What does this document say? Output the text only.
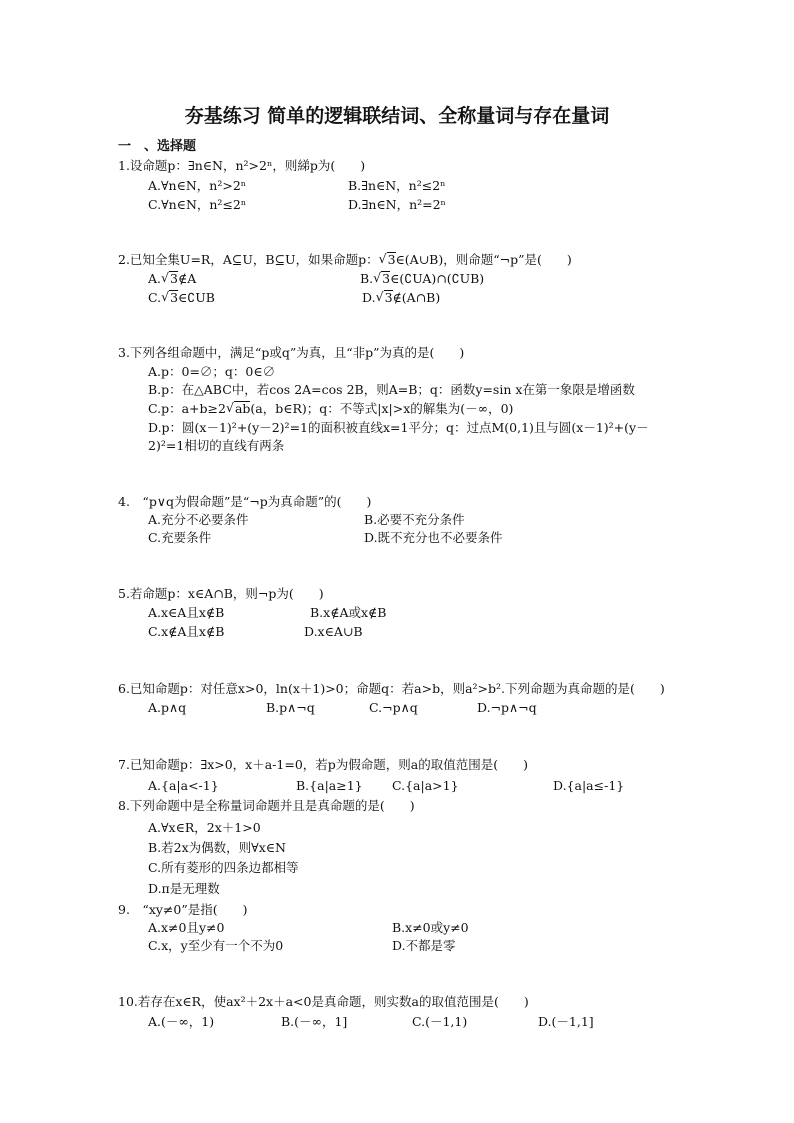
夯基练习 简单的逻辑联结词、全称量词与存在量词
一　、选择题
1.设命题p：∃n∈N，n²>2ⁿ，则綈p为(　　)
A.∀n∈N，n²>2ⁿ	B.∃n∈N，n²≤2ⁿ
C.∀n∈N，n²≤2ⁿ	D.∃n∈N，n²=2ⁿ
2.已知全集U=R，A⊆U，B⊆U，如果命题p： √ 3∈(A∪B)，则命题“¬p”是(　　)
A. √ 3∉A	B. √ 3∈(∁UA)∩(∁UB)
C. √ 3∈∁UB	D. √ 3∉(A∩B)
3.下列各组命题中，满足“p或q”为真，且“非p”为真的是(　　)
A.p：0=∅；q：0∈∅
B.p：在△ABC中，若cos 2A=cos 2B，则A=B；q：函数y=sin x在第一象限是增函数
C.p：a+b≥2 √ ab(a，b∈R)；q：不等式|x|>x的解集为(－∞，0)
D.p：圆(x－1)²+(y－2)²=1的面积被直线x=1平分；q：过点M(0,1)且与圆(x－1)²+(y－
2)²=1相切的直线有两条
4.　“p∨q为假命题”是“¬p为真命题”的(　　)
A.充分不必要条件	B.必要不充分条件
C.充要条件	D.既不充分也不必要条件
5.若命题p：x∈A∩B，则¬p为(　　)
A.x∈A且x∉B	B.x∉A或x∉B
C.x∉A且x∉B	D.x∈A∪B
6.已知命题p：对任意x>0，ln(x＋1)>0；命题q：若a>b，则a²>b².下列命题为真命题的是(　　)
A.p∧q	B.p∧¬q	C.¬p∧q	D.¬p∧¬q
7.已知命题p：∃x>0，x＋a-1=0，若p为假命题，则a的取值范围是(　　)
A.{a|a<-1}	B.{a|a≥1} C.{a|a>1}	D.{a|a≤-1}
8.下列命题中是全称量词命题并且是真命题的是(　　)
A.∀x∈R，2x＋1>0
B.若2x为偶数，则∀x∈N
C.所有菱形的四条边都相等
D.π是无理数
9.　“xy≠0”是指(　　)
A.x≠0且y≠0	B.x≠0或y≠0
C.x，y至少有一个不为0	D.不都是零
10.若存在x∈R，使ax²＋2x＋a<0是真命题，则实数a的取值范围是(　　)
A.(－∞，1)	B.(－∞，1]	C.(－1,1)	D.(－1,1]
